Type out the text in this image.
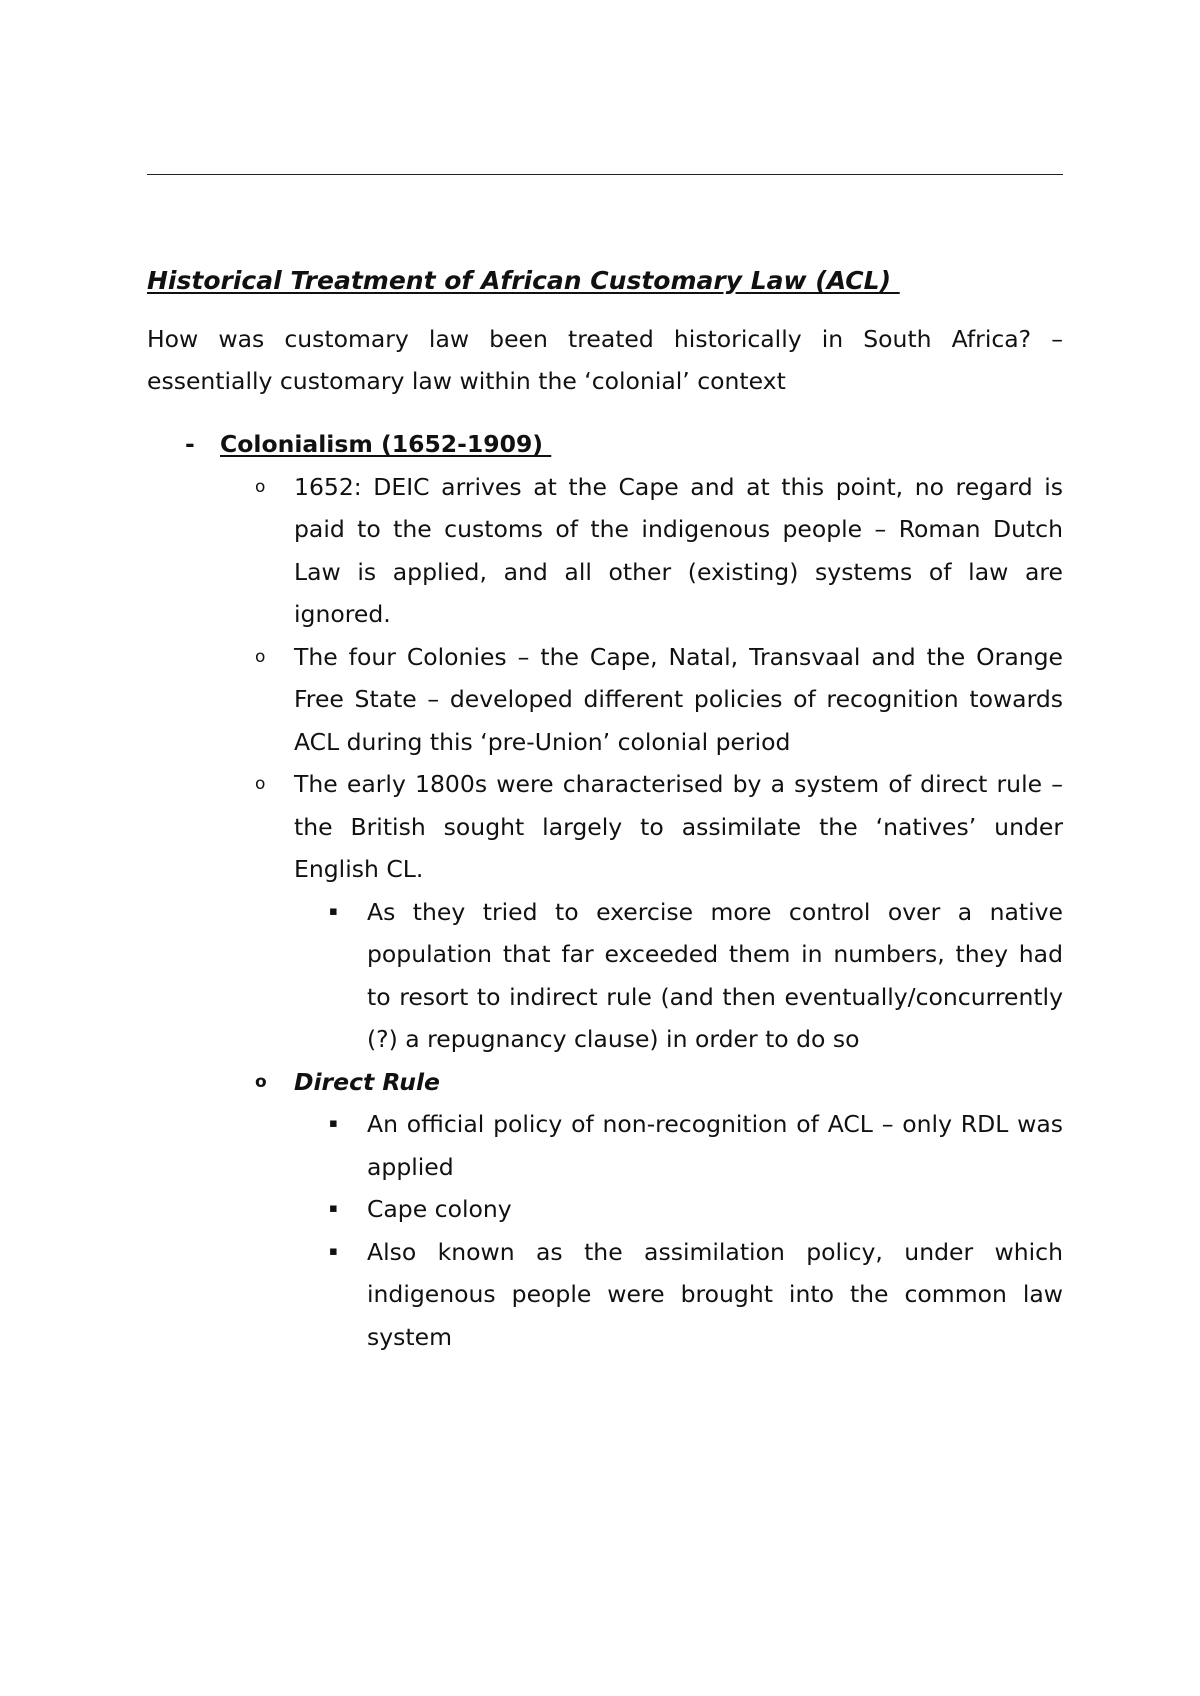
Historical Treatment of African Customary Law (ACL)

How was customary law been treated historically in South Africa? – essentially customary law within the ‘colonial’ context

- Colonialism (1652-1909)
o 1652: DEIC arrives at the Cape and at this point, no regard is paid to the customs of the indigenous people – Roman Dutch Law is applied, and all other (existing) systems of law are ignored.
o The four Colonies – the Cape, Natal, Transvaal and the Orange Free State – developed different policies of recognition towards ACL during this ‘pre-Union’ colonial period
o The early 1800s were characterised by a system of direct rule – the British sought largely to assimilate the ‘natives’ under English CL.
▪ As they tried to exercise more control over a native population that far exceeded them in numbers, they had to resort to indirect rule (and then eventually/concurrently (?) a repugnancy clause) in order to do so
o Direct Rule
▪ An official policy of non-recognition of ACL – only RDL was applied
▪ Cape colony
▪ Also known as the assimilation policy, under which indigenous people were brought into the common law system
